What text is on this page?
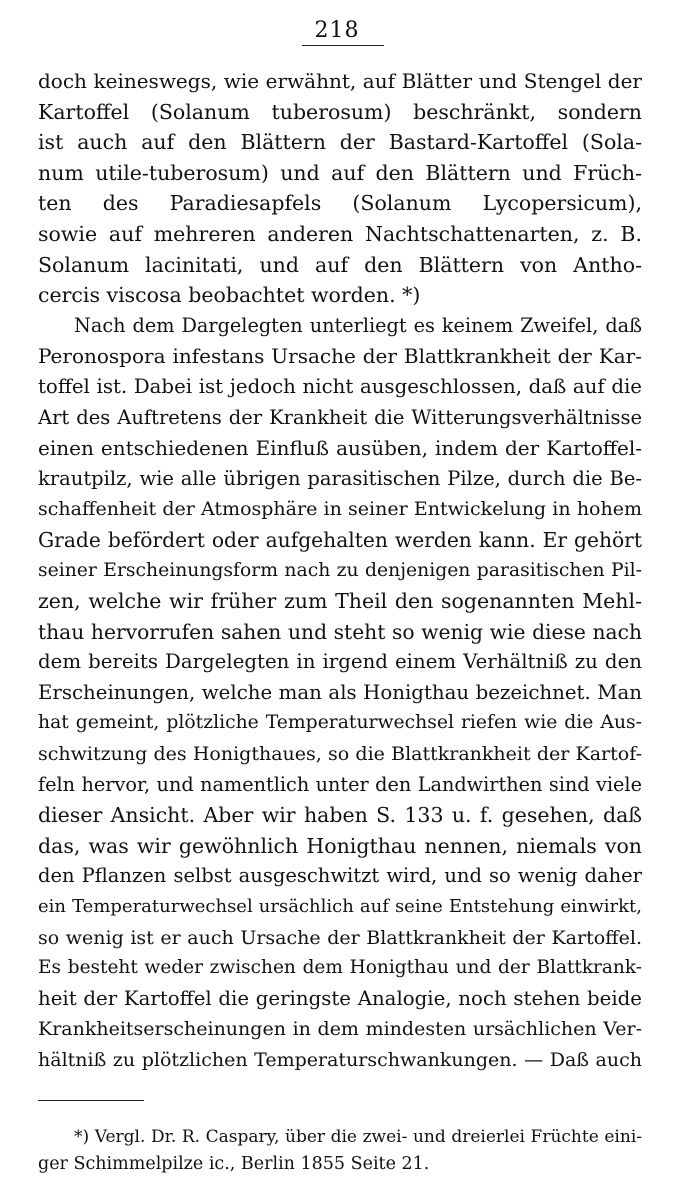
218
doch keineswegs, wie erwähnt, auf Blätter und Stengel der
Kartoffel (Solanum tuberosum) beschränkt, sondern
ist auch auf den Blättern der Bastard-Kartoffel (Sola-
num utile-tuberosum) und auf den Blättern und Früch-
ten des Paradiesapfels (Solanum Lycopersicum),
sowie auf mehreren anderen Nachtschattenarten, z. B.
Solanum lacinitati, und auf den Blättern von Antho-
cercis viscosa beobachtet worden. *)
Nach dem Dargelegten unterliegt es keinem Zweifel, daß
Peronospora infestans Ursache der Blattkrankheit der Kar-
toffel ist. Dabei ist jedoch nicht ausgeschlossen, daß auf die
Art des Auftretens der Krankheit die Witterungsverhältnisse
einen entschiedenen Einfluß ausüben, indem der Kartoffel-
krautpilz, wie alle übrigen parasitischen Pilze, durch die Be-
schaffenheit der Atmosphäre in seiner Entwickelung in hohem
Grade befördert oder aufgehalten werden kann. Er gehört
seiner Erscheinungsform nach zu denjenigen parasitischen Pil-
zen, welche wir früher zum Theil den sogenannten Mehl-
thau hervorrufen sahen und steht so wenig wie diese nach
dem bereits Dargelegten in irgend einem Verhältniß zu den
Erscheinungen, welche man als Honigthau bezeichnet. Man
hat gemeint, plötzliche Temperaturwechsel riefen wie die Aus-
schwitzung des Honigthaues, so die Blattkrankheit der Kartof-
feln hervor, und namentlich unter den Landwirthen sind viele
dieser Ansicht. Aber wir haben S. 133 u. f. gesehen, daß
das, was wir gewöhnlich Honigthau nennen, niemals von
den Pflanzen selbst ausgeschwitzt wird, und so wenig daher
ein Temperaturwechsel ursächlich auf seine Entstehung einwirkt,
so wenig ist er auch Ursache der Blattkrankheit der Kartoffel.
Es besteht weder zwischen dem Honigthau und der Blattkrank-
heit der Kartoffel die geringste Analogie, noch stehen beide
Krankheitserscheinungen in dem mindesten ursächlichen Ver-
hältniß zu plötzlichen Temperaturschwankungen. — Daß auch
*) Vergl. Dr. R. Caspary, über die zwei- und dreierlei Früchte eini-
ger Schimmelpilze ic., Berlin 1855 Seite 21.
